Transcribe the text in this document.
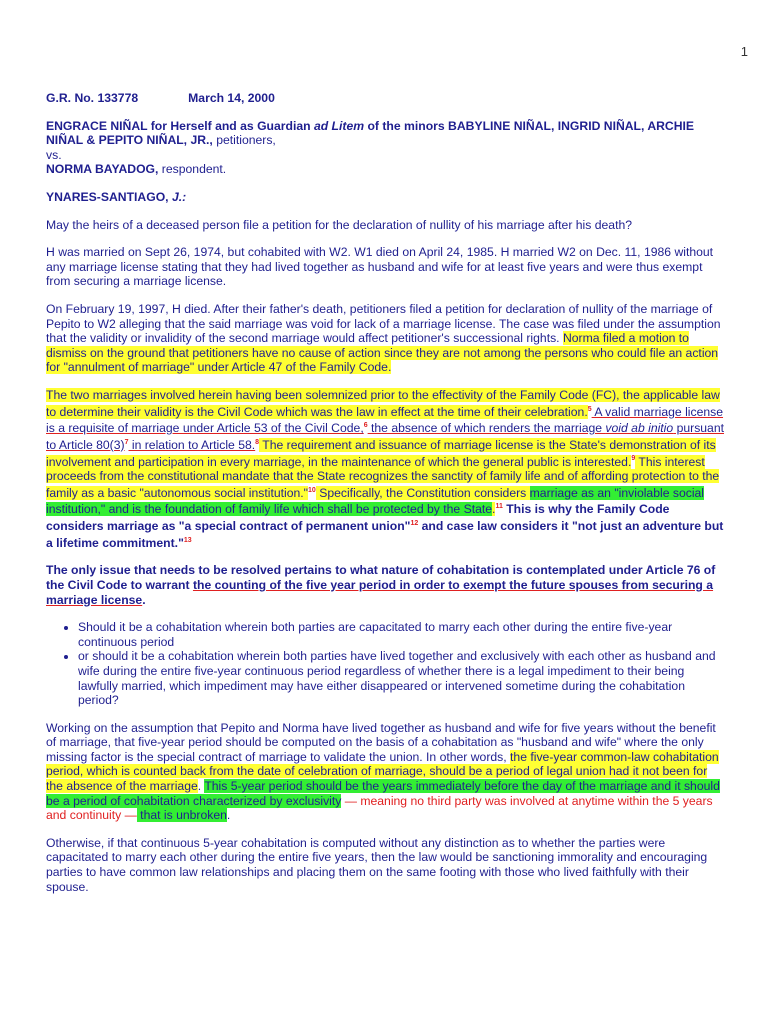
1

G.R. No. 133778	March 14, 2000

ENGRACE NIÑAL for Herself and as Guardian ad Litem of the minors BABYLINE NIÑAL, INGRID NIÑAL, ARCHIE NIÑAL & PEPITO NIÑAL, JR., petitioners,
vs.
NORMA BAYADOG, respondent.

YNARES-SANTIAGO, J.:

May the heirs of a deceased person file a petition for the declaration of nullity of his marriage after his death?

H was married on Sept 26, 1974, but cohabited with W2. W1 died on April 24, 1985. H married W2 on Dec. 11, 1986 without any marriage license stating that they had lived together as husband and wife for at least five years and were thus exempt from securing a marriage license.

On February 19, 1997, H died. After their father's death, petitioners filed a petition for declaration of nullity of the marriage of Pepito to W2 alleging that the said marriage was void for lack of a marriage license. The case was filed under the assumption that the validity or invalidity of the second marriage would affect petitioner's successional rights. Norma filed a motion to dismiss on the ground that petitioners have no cause of action since they are not among the persons who could file an action for "annulment of marriage" under Article 47 of the Family Code.

The two marriages involved herein having been solemnized prior to the effectivity of the Family Code (FC), the applicable law to determine their validity is the Civil Code which was the law in effect at the time of their celebration.$^5$ A valid marriage license is a requisite of marriage under Article 53 of the Civil Code,$^6$ the absence of which renders the marriage void ab initio pursuant to Article 80(3)$^7$ in relation to Article 58.$^8$ The requirement and issuance of marriage license is the State's demonstration of its involvement and participation in every marriage, in the maintenance of which the general public is interested.$^9$ This interest proceeds from the constitutional mandate that the State recognizes the sanctity of family life and of affording protection to the family as a basic "autonomous social institution."$^{10}$ Specifically, the Constitution considers marriage as an "inviolable social institution," and is the foundation of family life which shall be protected by the State.$^{11}$ This is why the Family Code considers marriage as "a special contract of permanent union"$^{12}$ and case law considers it "not just an adventure but a lifetime commitment."$^{13}$

The only issue that needs to be resolved pertains to what nature of cohabitation is contemplated under Article 76 of the Civil Code to warrant the counting of the five year period in order to exempt the future spouses from securing a marriage license.

• Should it be a cohabitation wherein both parties are capacitated to marry each other during the entire five-year continuous period
• or should it be a cohabitation wherein both parties have lived together and exclusively with each other as husband and wife during the entire five-year continuous period regardless of whether there is a legal impediment to their being lawfully married, which impediment may have either disappeared or intervened sometime during the cohabitation period?

Working on the assumption that Pepito and Norma have lived together as husband and wife for five years without the benefit of marriage, that five-year period should be computed on the basis of a cohabitation as "husband and wife" where the only missing factor is the special contract of marriage to validate the union. In other words, the five-year common-law cohabitation period, which is counted back from the date of celebration of marriage, should be a period of legal union had it not been for the absence of the marriage. This 5-year period should be the years immediately before the day of the marriage and it should be a period of cohabitation characterized by exclusivity — meaning no third party was involved at anytime within the 5 years and continuity — that is unbroken.

Otherwise, if that continuous 5-year cohabitation is computed without any distinction as to whether the parties were capacitated to marry each other during the entire five years, then the law would be sanctioning immorality and encouraging parties to have common law relationships and placing them on the same footing with those who lived faithfully with their spouse.
